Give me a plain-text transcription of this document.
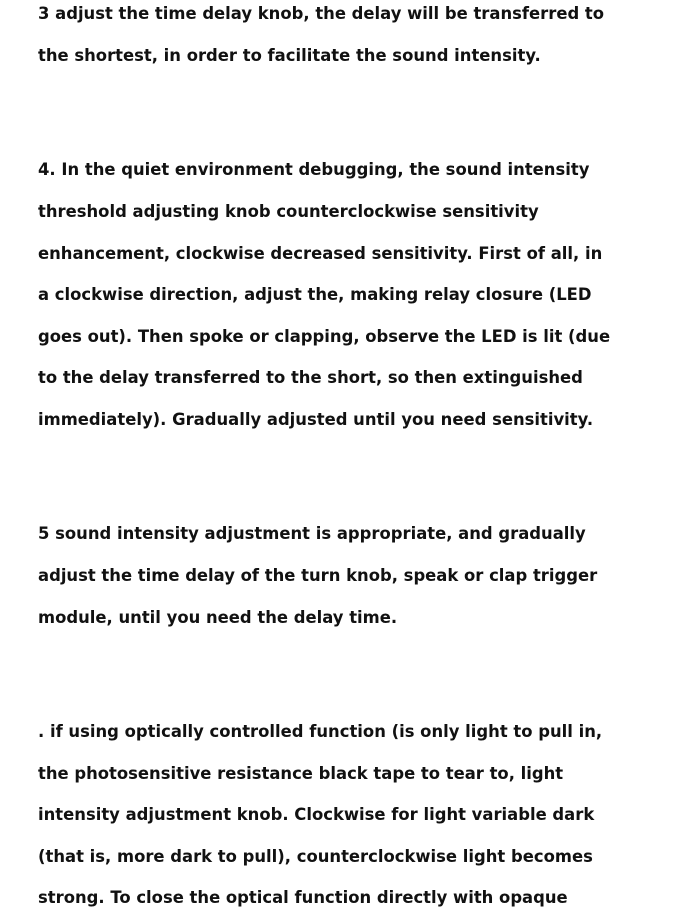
3 adjust the time delay knob, the delay will be transferred to
the shortest, in order to facilitate the sound intensity.
4. In the quiet environment debugging, the sound intensity
threshold adjusting knob counterclockwise sensitivity
enhancement, clockwise decreased sensitivity. First of all, in
a clockwise direction, adjust the, making relay closure (LED
goes out). Then spoke or clapping, observe the LED is lit (due
to the delay transferred to the short, so then extinguished
immediately). Gradually adjusted until you need sensitivity.
5 sound intensity adjustment is appropriate, and gradually
adjust the time delay of the turn knob, speak or clap trigger
module, until you need the delay time.
. if using optically controlled function (is only light to pull in,
the photosensitive resistance black tape to tear to, light
intensity adjustment knob. Clockwise for light variable dark
(that is, more dark to pull), counterclockwise light becomes
strong. To close the optical function directly with opaque
